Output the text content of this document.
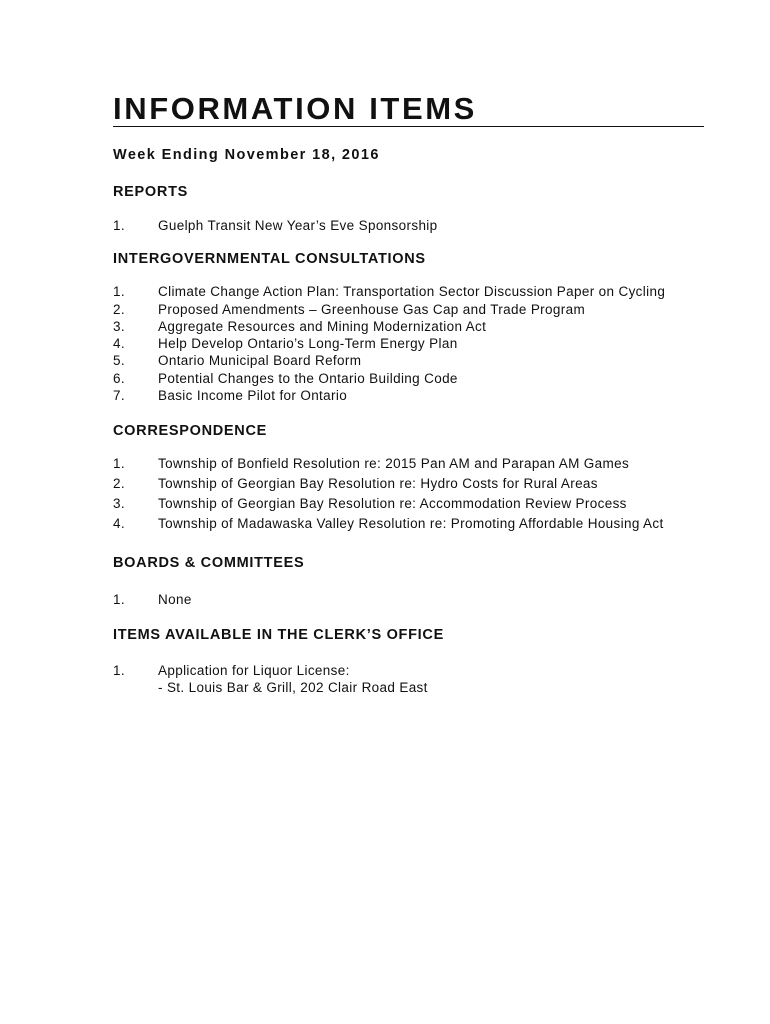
INFORMATION ITEMS
Week Ending November 18, 2016
REPORTS
1.	Guelph Transit New Year’s Eve Sponsorship
INTERGOVERNMENTAL CONSULTATIONS
1.	Climate Change Action Plan: Transportation Sector Discussion Paper on Cycling
2.	Proposed Amendments – Greenhouse Gas Cap and Trade Program
3.	Aggregate Resources and Mining Modernization Act
4.	Help Develop Ontario’s Long-Term Energy Plan
5.	Ontario Municipal Board Reform
6.	Potential Changes to the Ontario Building Code
7.	Basic Income Pilot for Ontario
CORRESPONDENCE
1.	Township of Bonfield Resolution re: 2015 Pan AM and Parapan AM Games
2.	Township of Georgian Bay Resolution re: Hydro Costs for Rural Areas
3.	Township of Georgian Bay Resolution re: Accommodation Review Process
4.	Township of Madawaska Valley Resolution re: Promoting Affordable Housing Act
BOARDS & COMMITTEES
1.	None
ITEMS AVAILABLE IN THE CLERK’S OFFICE
1.	Application for Liquor License:
- St. Louis Bar & Grill, 202 Clair Road East
